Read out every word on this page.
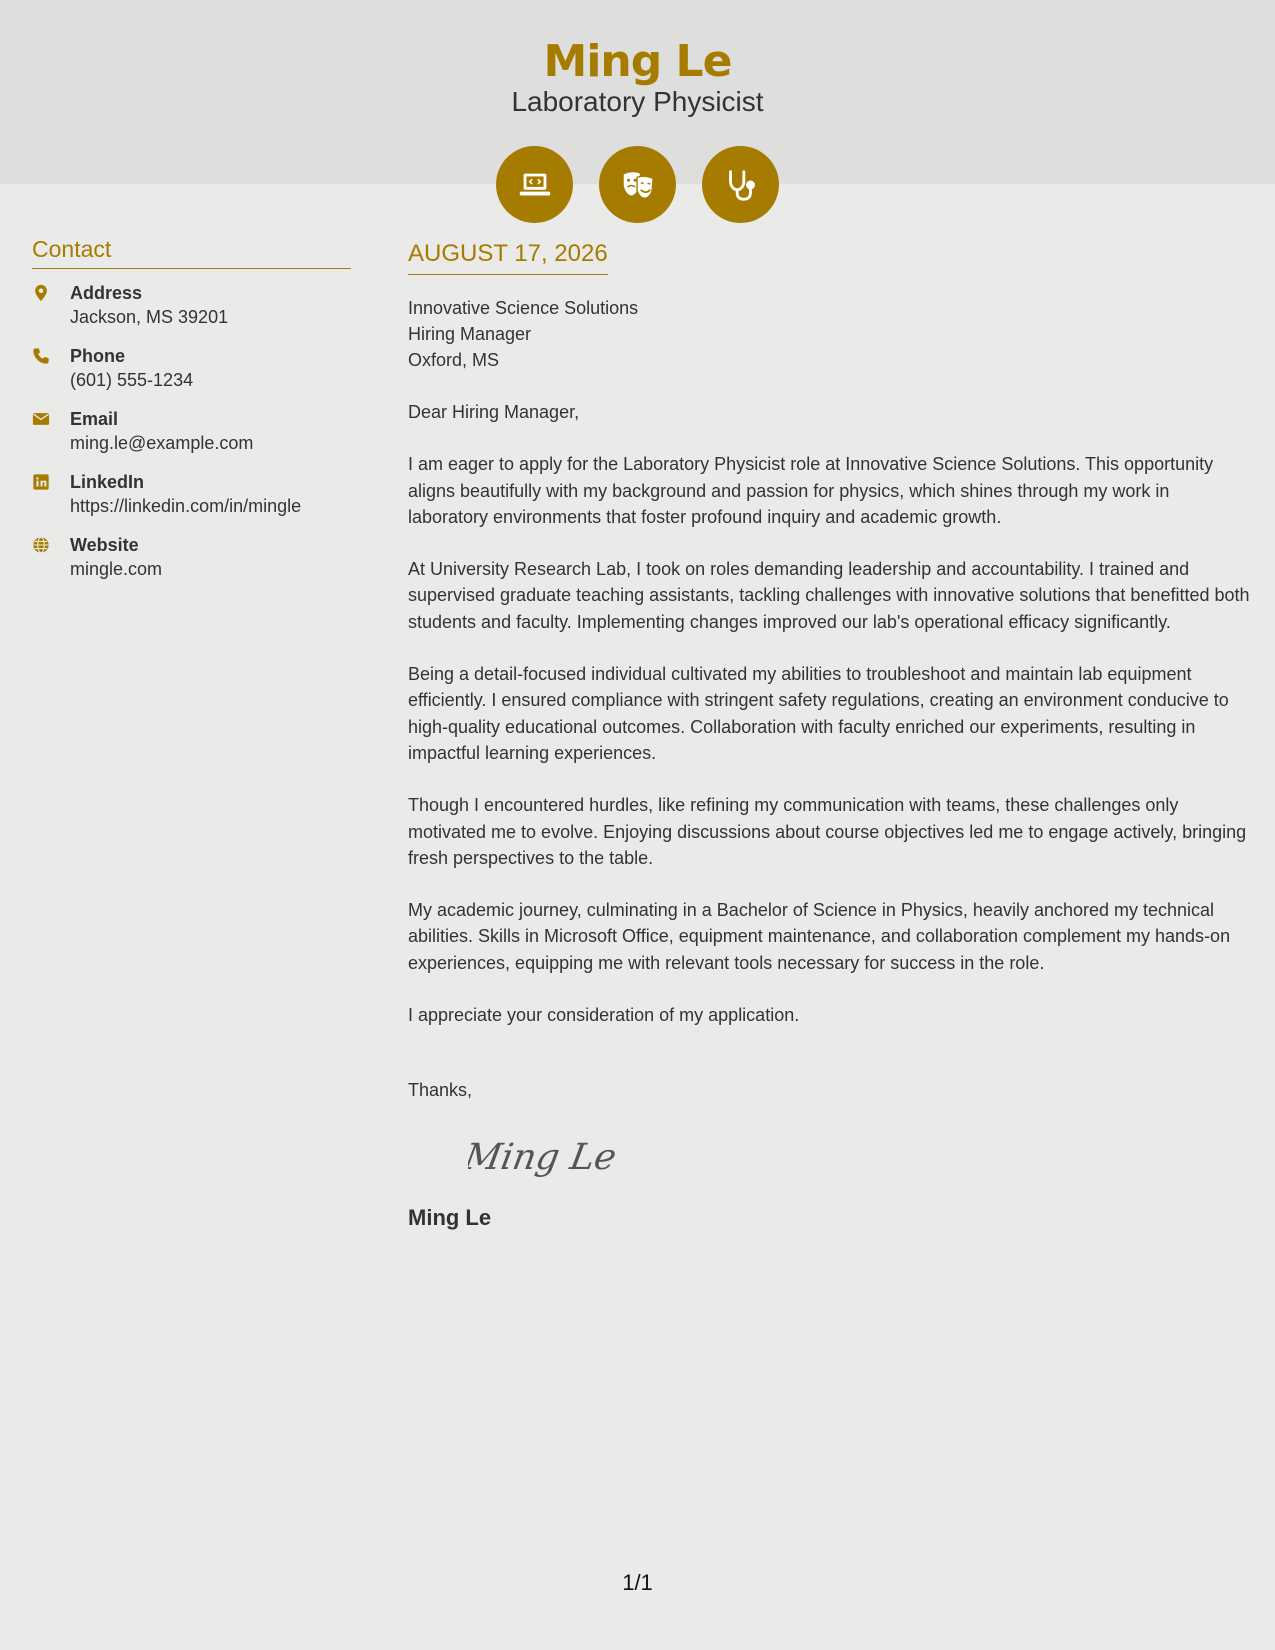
Ming Le
Laboratory Physicist
Contact
Address
Jackson, MS 39201
Phone
(601) 555-1234
Email
ming.le@example.com
LinkedIn
https://linkedin.com/in/mingle
Website
mingle.com
AUGUST 17, 2026
Innovative Science Solutions
Hiring Manager
Oxford, MS

Dear Hiring Manager,

I am eager to apply for the Laboratory Physicist role at Innovative Science Solutions. This opportunity aligns beautifully with my background and passion for physics, which shines through my work in laboratory environments that foster profound inquiry and academic growth.

At University Research Lab, I took on roles demanding leadership and accountability. I trained and supervised graduate teaching assistants, tackling challenges with innovative solutions that benefitted both students and faculty. Implementing changes improved our lab's operational efficacy significantly.

Being a detail-focused individual cultivated my abilities to troubleshoot and maintain lab equipment efficiently. I ensured compliance with stringent safety regulations, creating an environment conducive to high-quality educational outcomes. Collaboration with faculty enriched our experiments, resulting in impactful learning experiences.

Though I encountered hurdles, like refining my communication with teams, these challenges only motivated me to evolve. Enjoying discussions about course objectives led me to engage actively, bringing fresh perspectives to the table.

My academic journey, culminating in a Bachelor of Science in Physics, heavily anchored my technical abilities. Skills in Microsoft Office, equipment maintenance, and collaboration complement my hands-on experiences, equipping me with relevant tools necessary for success in the role.

I appreciate your consideration of my application.

Thanks,
Ming Le
Ming Le
1/1
